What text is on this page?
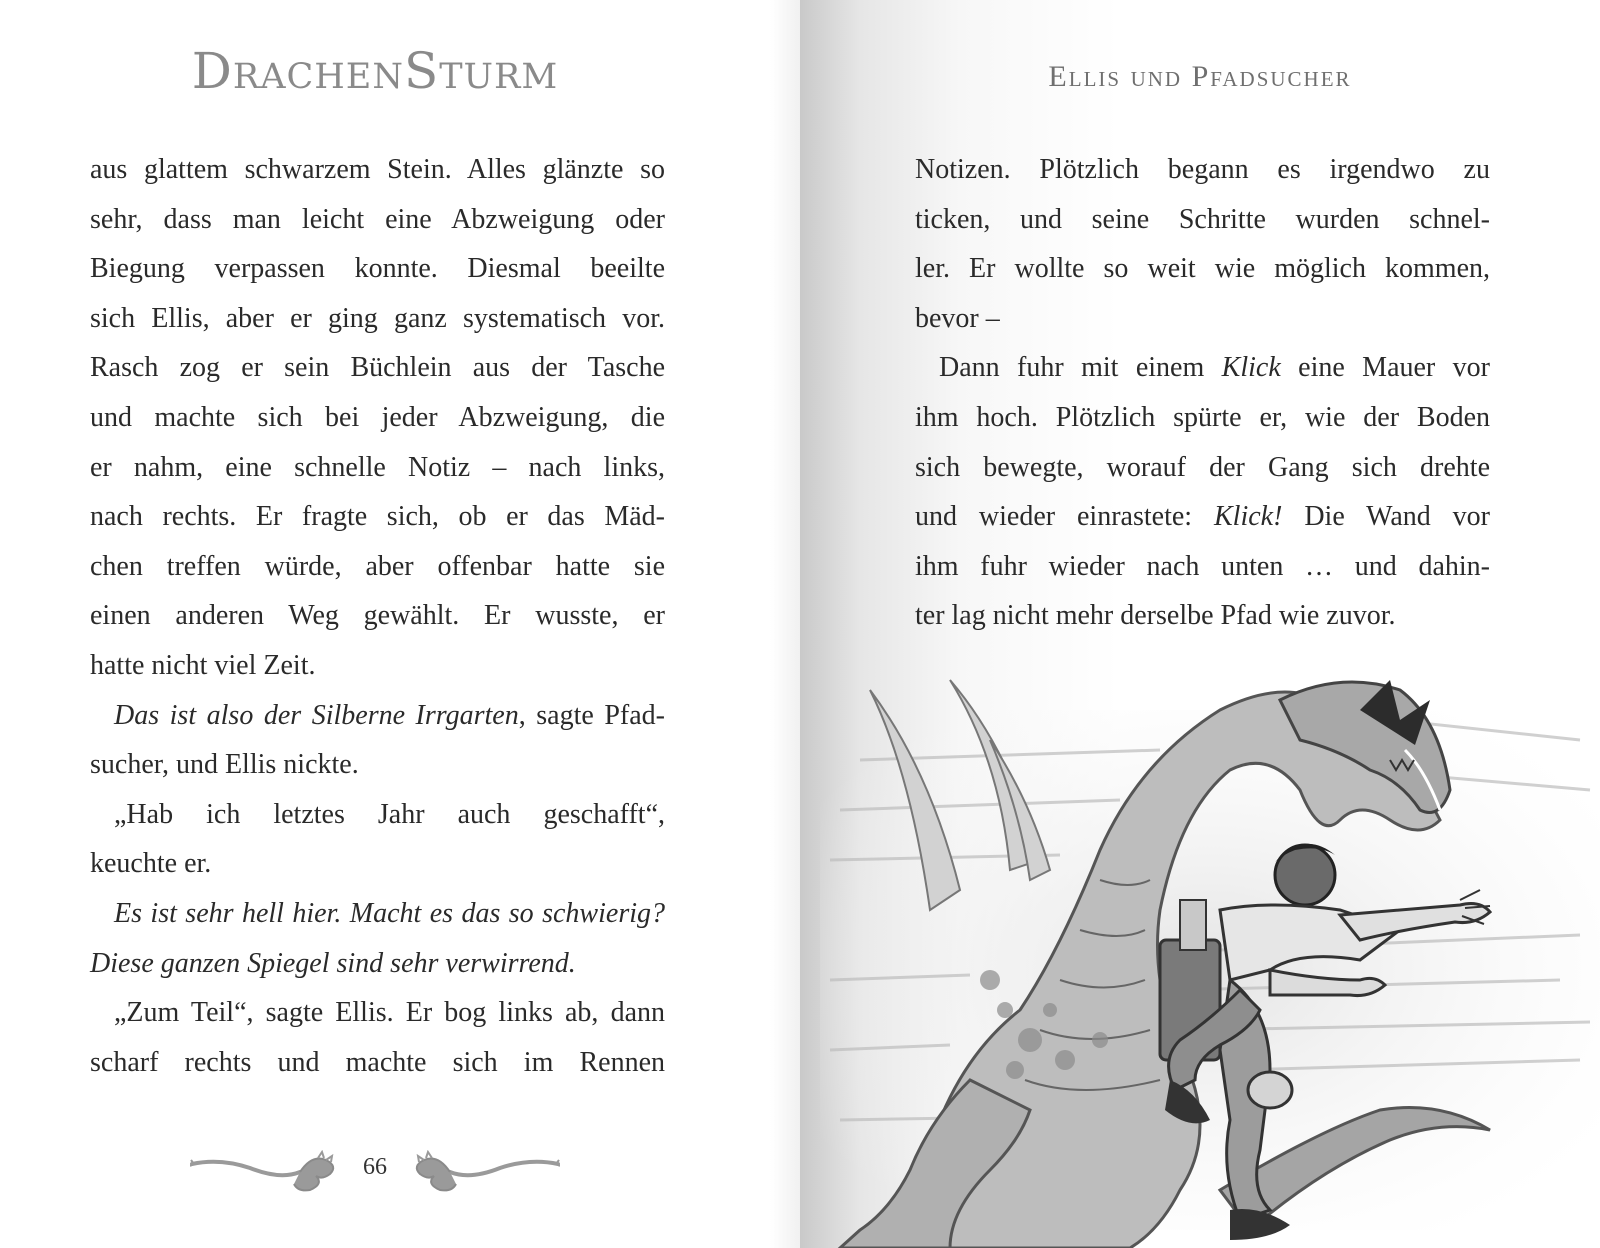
DrachenSturm
aus glattem schwarzem Stein. Alles glänzte so
sehr, dass man leicht eine Abzweigung oder
Biegung verpassen konnte. Diesmal beeilte
sich Ellis, aber er ging ganz systematisch vor.
Rasch zog er sein Büchlein aus der Tasche
und machte sich bei jeder Abzweigung, die
er nahm, eine schnelle Notiz – nach links,
nach rechts. Er fragte sich, ob er das Mäd-
chen treffen würde, aber offenbar hatte sie
einen anderen Weg gewählt. Er wusste, er
hatte nicht viel Zeit.
Das ist also der Silberne Irrgarten, sagte Pfad-
sucher, und Ellis nickte.
„Hab ich letztes Jahr auch geschafft“,
keuchte er.
Es ist sehr hell hier. Macht es das so schwierig?
Diese ganzen Spiegel sind sehr verwirrend.
„Zum Teil“, sagte Ellis. Er bog links ab, dann
scharf rechts und machte sich im Rennen
66
Ellis und Pfadsucher
Notizen. Plötzlich begann es irgendwo zu
ticken, und seine Schritte wurden schnel-
ler. Er wollte so weit wie möglich kommen,
bevor –
Dann fuhr mit einem Klick eine Mauer vor
ihm hoch. Plötzlich spürte er, wie der Boden
sich bewegte, worauf der Gang sich drehte
und wieder einrastete: Klick! Die Wand vor
ihm fuhr wieder nach unten … und dahin-
ter lag nicht mehr derselbe Pfad wie zuvor.
